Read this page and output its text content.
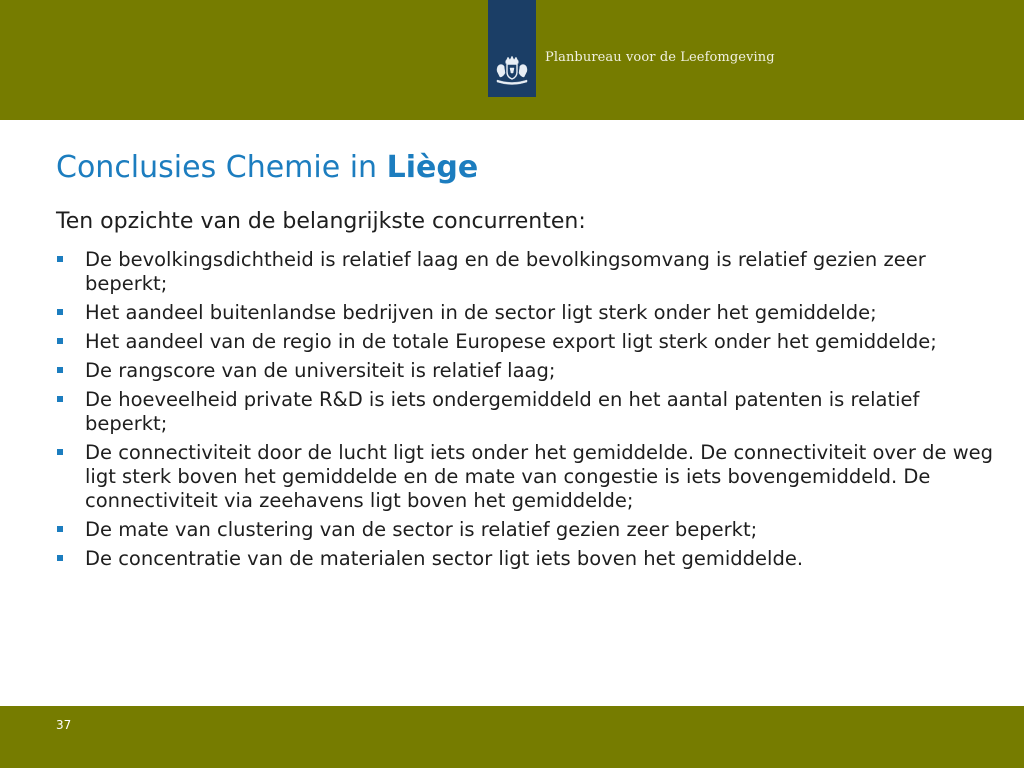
Planbureau voor de Leefomgeving
Conclusies Chemie in Liège

Ten opzichte van de belangrijkste concurrenten:

De bevolkingsdichtheid is relatief laag en de bevolkingsomvang is relatief gezien zeer beperkt;
Het aandeel buitenlandse bedrijven in de sector ligt sterk onder het gemiddelde;
Het aandeel van de regio in de totale Europese export ligt sterk onder het gemiddelde;
De rangscore van de universiteit is relatief laag;
De hoeveelheid private R&D is iets ondergemiddeld en het aantal patenten is relatief beperkt;
De connectiviteit door de lucht ligt iets onder het gemiddelde. De connectiviteit over de weg ligt sterk boven het gemiddelde en de mate van congestie is iets bovengemiddeld. De connectiviteit via zeehavens ligt boven het gemiddelde;
De mate van clustering van de sector is relatief gezien zeer beperkt;
De concentratie van de materialen sector ligt iets boven het gemiddelde.
37
